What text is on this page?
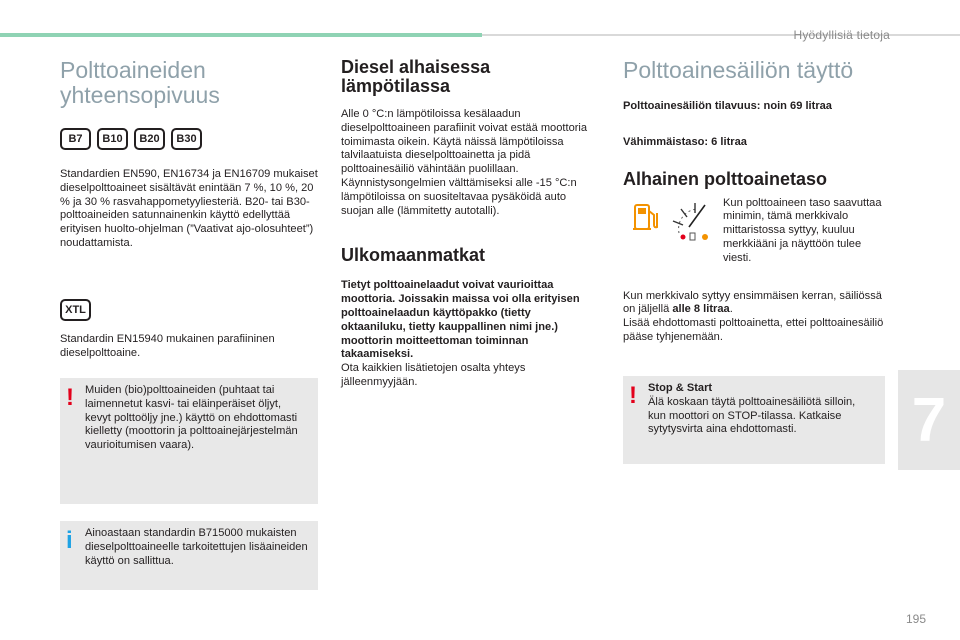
Hyödyllisiä tietoja
7
195
Polttoaineiden
yhteensopivuus
B7	B10	B20	B30

Standardien EN590, EN16734 ja EN16709 mukaiset dieselpolttoaineet sisältävät enintään 7 %, 10 %, 20 % ja 30 % rasvahappometyyliesteriä. B20- tai B30-polttoaineiden satunnainenkin käyttö edellyttää erityisen huolto-ohjelman (”Vaativat ajo-olosuhteet”) noudattamista.

XTL

Standardin EN15940 mukainen parafiininen dieselpolttoaine.

! Muiden (bio)polttoaineiden (puhtaat tai laimennetut kasvi- tai eläinperäiset öljyt, kevyt polttoöljy jne.) käyttö on ehdottomasti kielletty (moottorin ja polttoainejärjestelmän vaurioitumisen vaara).

i Ainoastaan standardin B715000 mukaisten dieselpolttoaineelle tarkoitettujen lisäaineiden käyttö on sallittua.

Diesel alhaisessa
lämpötilassa

Alle 0 °C:n lämpötiloissa kesälaadun dieselpolttoaineen parafiinit voivat estää moottoria toimimasta oikein. Käytä näissä lämpötiloissa talvilaatuista dieselpolttoainetta ja pidä polttoainesäiliö vähintään puolillaan. Käynnistysongelmien välttämiseksi alle -15 °C:n lämpötiloissa on suositeltavaa pysäköidä auto suojan alle (lämmitetty autotalli).

Ulkomaanmatkat

Tietyt polttoainelaadut voivat vaurioittaa moottoria. Joissakin maissa voi olla erityisen polttoainelaadun käyttöpakko (tietty oktaaniluku, tietty kauppallinen nimi jne.) moottorin moitteettoman toiminnan takaamiseksi.

Ota kaikkien lisätietojen osalta yhteys jälleenmyyjään.

Polttoainesäiliön täyttö

Polttoainesäiliön tilavuus: noin 69 litraa

Vähimmäistaso: 6 litraa

Alhainen polttoainetaso

Kun polttoaineen taso saavuttaa minimin, tämä merkkivalo mittaristossa syttyy, kuuluu merkkiääni ja näyttöön tulee viesti.

Kun merkkivalo syttyy ensimmäisen kerran, säiliössä on jäljellä alle 8 litraa.
Lisää ehdottomasti polttoainetta, ettei polttoainesäiliö pääse tyhjenemään.

! Stop & Start

Älä koskaan täytä polttoainesäiliötä silloin, kun moottori on STOP-tilassa. Katkaise sytytysvirta aina ehdottomasti.
